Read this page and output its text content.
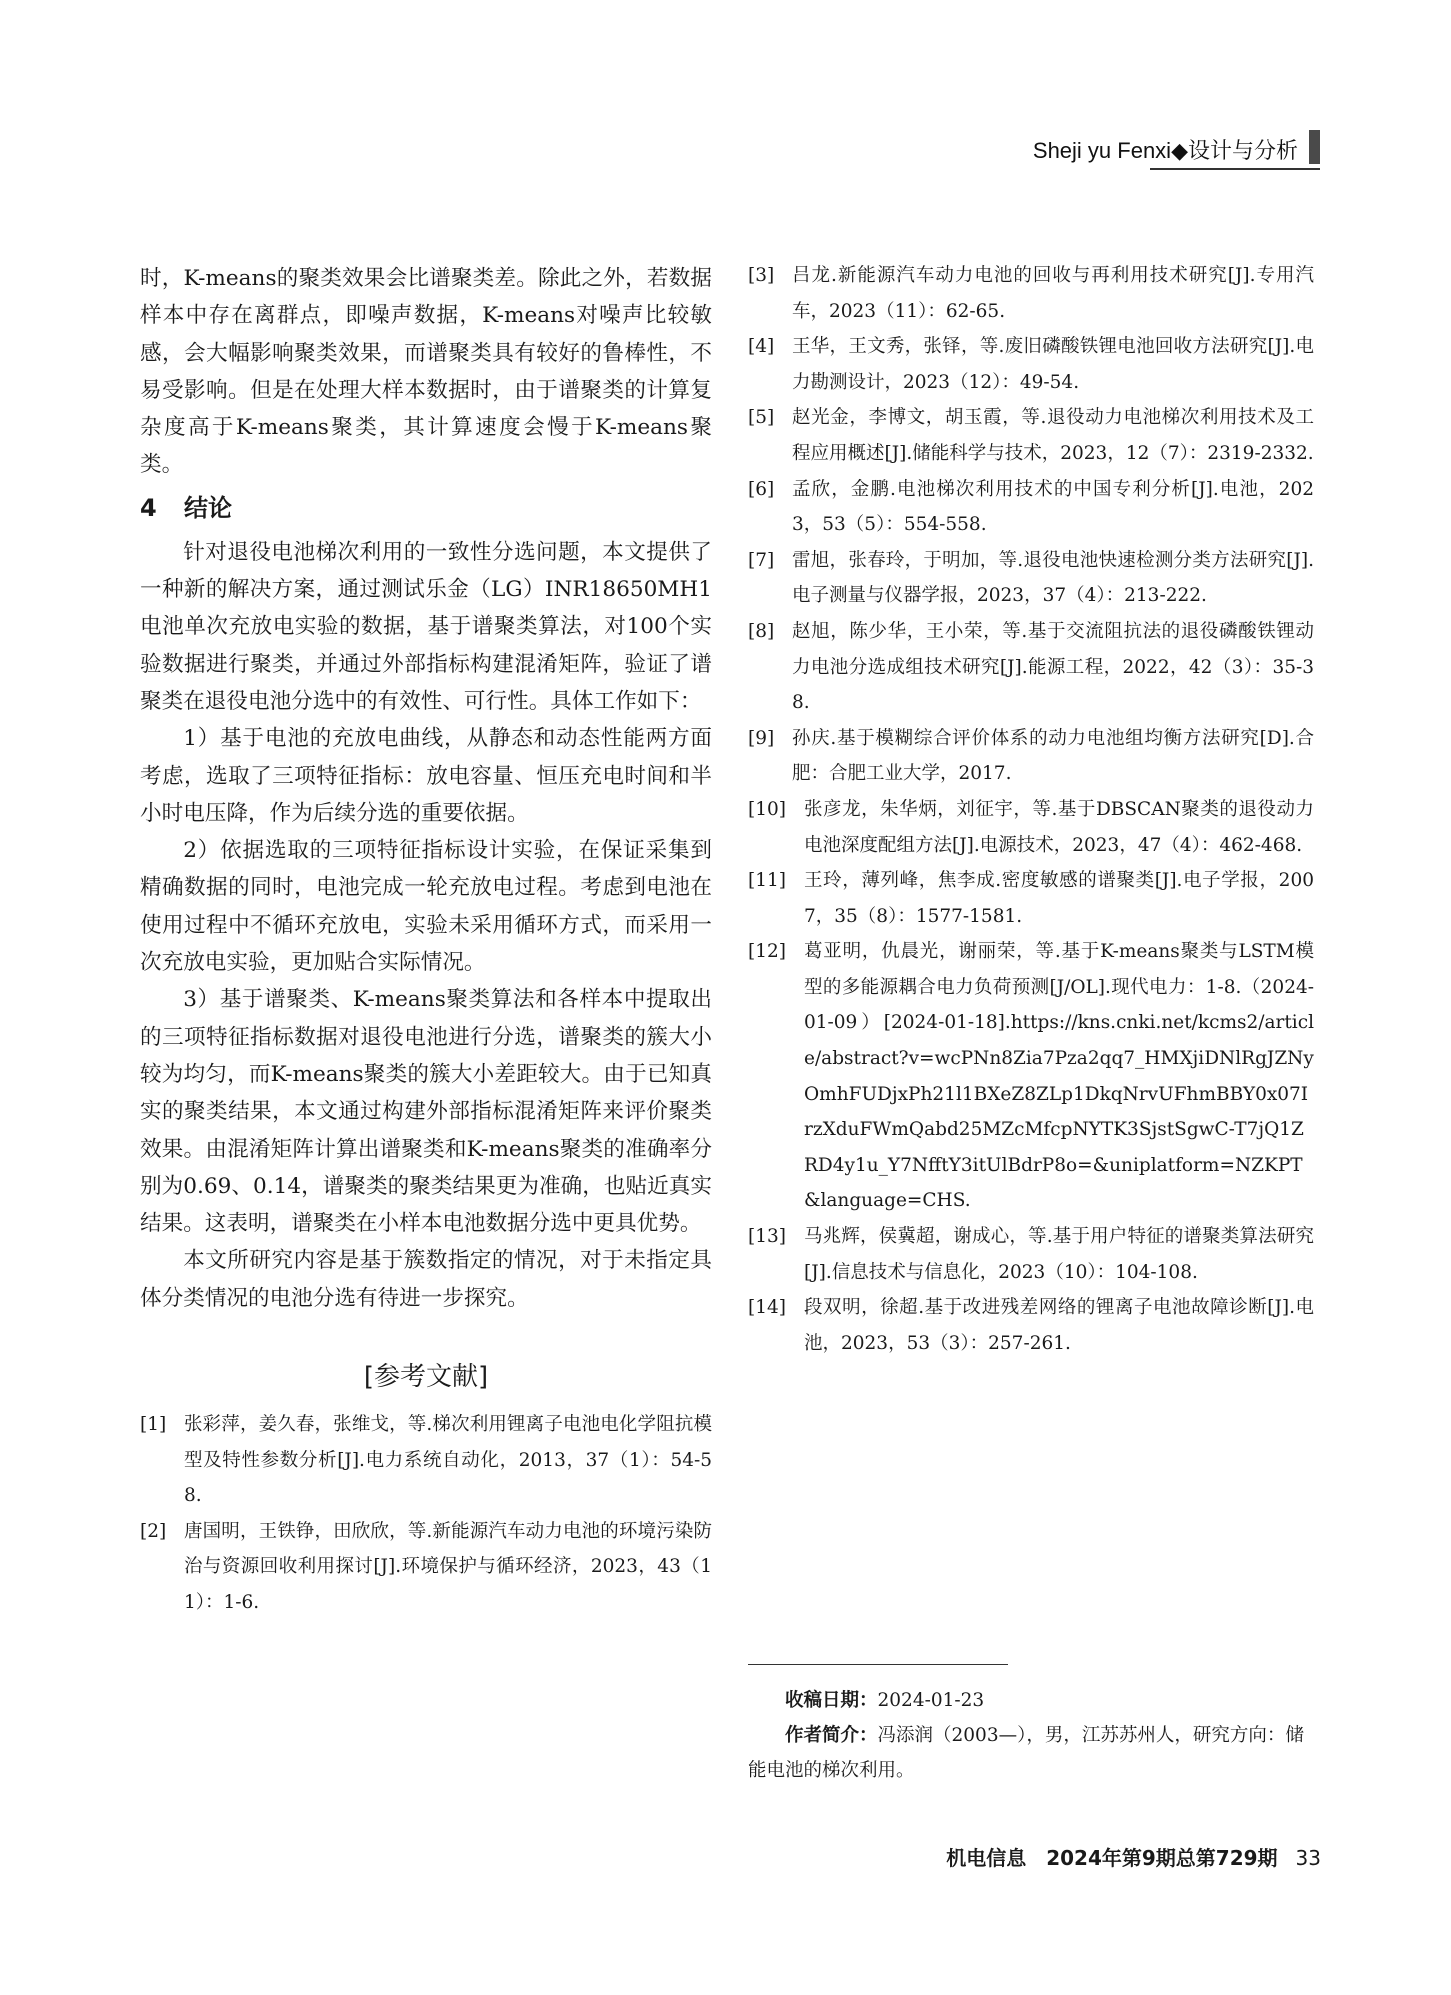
Sheji yu Fenxi◆设计与分析

时，K-means的聚类效果会比谱聚类差。除此之外，若数据样本中存在离群点，即噪声数据，K-means对噪声比较敏感，会大幅影响聚类效果，而谱聚类具有较好的鲁棒性，不易受影响。但是在处理大样本数据时，由于谱聚类的计算复杂度高于K-means聚类，其计算速度会慢于K-means聚类。

4 结论

针对退役电池梯次利用的一致性分选问题，本文提供了一种新的解决方案，通过测试乐金（LG）INR18650MH1电池单次充放电实验的数据，基于谱聚类算法，对100个实验数据进行聚类，并通过外部指标构建混淆矩阵，验证了谱聚类在退役电池分选中的有效性、可行性。具体工作如下：

1）基于电池的充放电曲线，从静态和动态性能两方面考虑，选取了三项特征指标：放电容量、恒压充电时间和半小时电压降，作为后续分选的重要依据。

2）依据选取的三项特征指标设计实验，在保证采集到精确数据的同时，电池完成一轮充放电过程。考虑到电池在使用过程中不循环充放电，实验未采用循环方式，而采用一次充放电实验，更加贴合实际情况。

3）基于谱聚类、K-means聚类算法和各样本中提取出的三项特征指标数据对退役电池进行分选，谱聚类的簇大小较为均匀，而K-means聚类的簇大小差距较大。由于已知真实的聚类结果，本文通过构建外部指标混淆矩阵来评价聚类效果。由混淆矩阵计算出谱聚类和K-means聚类的准确率分别为0.69、0.14，谱聚类的聚类结果更为准确，也贴近真实结果。这表明，谱聚类在小样本电池数据分选中更具优势。

本文所研究内容是基于簇数指定的情况，对于未指定具体分类情况的电池分选有待进一步探究。

[参考文献]
[1] 张彩萍，姜久春，张维戈，等.梯次利用锂离子电池电化学阻抗模型及特性参数分析[J].电力系统自动化，2013，37（1）：54-58.
[2] 唐国明，王铁铮，田欣欣，等.新能源汽车动力电池的环境污染防治与资源回收利用探讨[J].环境保护与循环经济，2023，43（11）：1-6.
[3] 吕龙.新能源汽车动力电池的回收与再利用技术研究[J].专用汽车，2023（11）：62-65.
[4] 王华，王文秀，张铎，等.废旧磷酸铁锂电池回收方法研究[J].电力勘测设计，2023（12）：49-54.
[5] 赵光金，李博文，胡玉霞，等.退役动力电池梯次利用技术及工程应用概述[J].储能科学与技术，2023，12（7）：2319-2332.
[6] 孟欣，金鹏.电池梯次利用技术的中国专利分析[J].电池，2023，53（5）：554-558.
[7] 雷旭，张春玲，于明加，等.退役电池快速检测分类方法研究[J].电子测量与仪器学报，2023，37（4）：213-222.
[8] 赵旭，陈少华，王小荣，等.基于交流阻抗法的退役磷酸铁锂动力电池分选成组技术研究[J].能源工程，2022，42（3）：35-38.
[9] 孙庆.基于模糊综合评价体系的动力电池组均衡方法研究[D].合肥：合肥工业大学，2017.
[10] 张彦龙，朱华炳，刘征宇，等.基于DBSCAN聚类的退役动力电池深度配组方法[J].电源技术，2023，47（4）：462-468.
[11] 王玲，薄列峰，焦李成.密度敏感的谱聚类[J].电子学报，2007，35（8）：1577-1581.
[12] 葛亚明，仇晨光，谢丽荣，等.基于K-means聚类与LSTM模型的多能源耦合电力负荷预测[J/OL].现代电力：1-8.（2024-01-09）[2024-01-18].https://kns.cnki.net/kcms2/article/abstract?v=wcPNn8Zia7Pza2qq7_HMXjiDNlRgJZNyOmhFUDjxPh21l1BXeZ8ZLp1DkqNrvUFhmBBY0x07IrzXduFWmQabd25MZcMfcpNYTK3SjstSgwC-T7jQ1ZRD4y1u_Y7NfftY3itUlBdrP8o=&uniplatform=NZKPT&language=CHS.
[13] 马兆辉，侯冀超，谢成心，等.基于用户特征的谱聚类算法研究[J].信息技术与信息化，2023（10）：104-108.
[14] 段双明，徐超.基于改进残差网络的锂离子电池故障诊断[J].电池，2023，53（3）：257-261.

收稿日期：2024-01-23

作者简介：冯添润（2003—），男，江苏苏州人，研究方向：储能电池的梯次利用。

机电信息　2024年第9期总第729期 33
